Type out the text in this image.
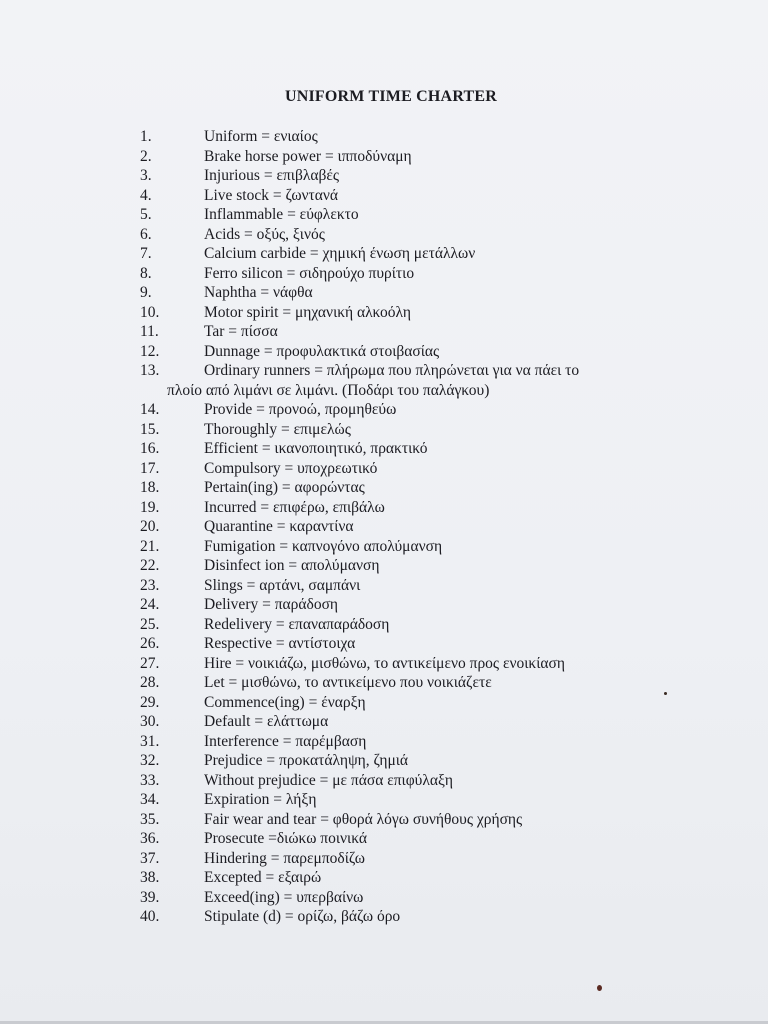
UNIFORM TIME CHARTER
1.	Uniform = ενιαίος
2.	Brake horse power = ιπποδύναμη
3.	Injurious = επιβλαβές
4.	Live stock = ζωντανά
5.	Inflammable = εύφλεκτο
6.	Acids = οξύς, ξινός
7.	Calcium carbide = χημική ένωση μετάλλων
8.	Ferro silicon = σιδηρούχο πυρίτιο
9.	Naphtha = νάφθα
10.	Motor spirit = μηχανική αλκοόλη
11.	Tar = πίσσα
12.	Dunnage = προφυλακτικά στοιβασίας
13.	Ordinary runners = πλήρωμα που πληρώνεται για να πάει το
πλοίο από λιμάνι σε λιμάνι. (Ποδάρι του παλάγκου)
14.	Provide = προνοώ, προμηθεύω
15.	Thoroughly = επιμελώς
16.	Efficient = ικανοποιητικό, πρακτικό
17.	Compulsory = υποχρεωτικό
18.	Pertain(ing) = αφορώντας
19.	Incurred = επιφέρω, επιβάλω
20.	Quarantine = καραντίνα
21.	Fumigation = καπνογόνο απολύμανση
22.	Disinfect ion = απολύμανση
23.	Slings = αρτάνι, σαμπάνι
24.	Delivery = παράδοση
25.	Redelivery = επαναπαράδοση
26.	Respective = αντίστοιχα
27.	Hire = νοικιάζω, μισθώνω, το αντικείμενο προς ενοικίαση
28.	Let = μισθώνω, το αντικείμενο που νοικιάζετε
29.	Commence(ing) = έναρξη
30.	Default = ελάττωμα
31.	Interference = παρέμβαση
32.	Prejudice = προκατάληψη, ζημιά
33.	Without prejudice = με πάσα επιφύλαξη
34.	Expiration = λήξη
35.	Fair wear and tear = φθορά λόγω συνήθους χρήσης
36.	Prosecute =διώκω ποινικά
37.	Hindering = παρεμποδίζω
38.	Excepted = εξαιρώ
39.	Exceed(ing) = υπερβαίνω
40.	Stipulate (d) = ορίζω, βάζω όρο
